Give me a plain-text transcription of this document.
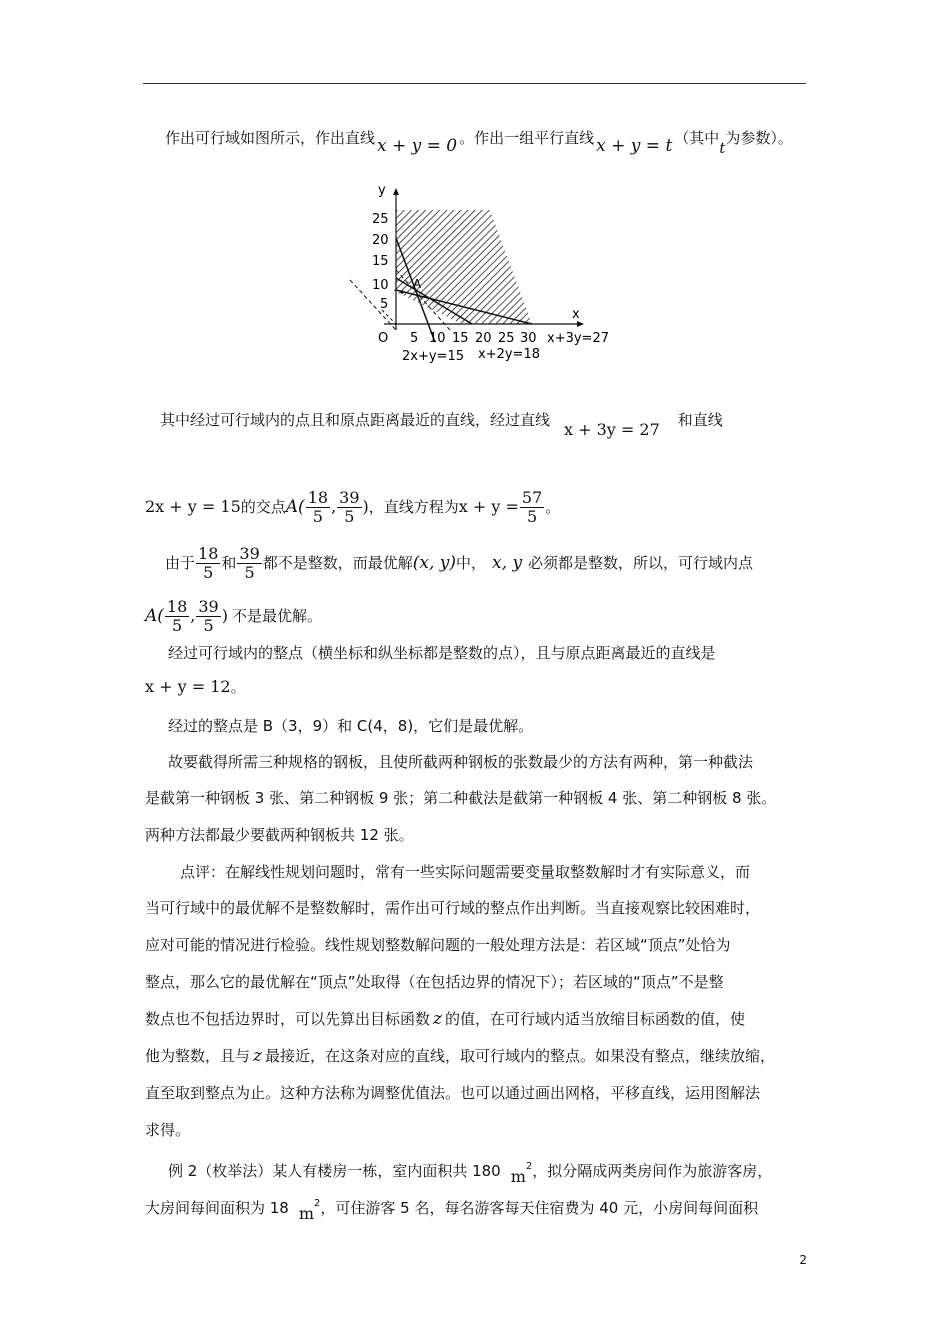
作出可行域如图所示，作出直线 x + y = 0 。作出一组平行直线 x + y = t （其中t为参数）。
y
x
O
A
25
20
15
10
5
5 10 15 20 25 30 x+3y=27
2x+y=15 x+2y=18
其中经过可行域内的点且和原点距离最近的直线，经过直线 x + 3y = 27 和直线
2x + y = 15的交点$A( \frac{18}{5}$ , $\frac{39}{5}$ )，直线方程为$x + y = \frac{57}{5}$ 。
由于 $\frac{18}{5}$ 和 $\frac{39}{5}$ 都不是整数，而最优解(x, y)中， x, y 必须都是整数，所以，可行域内点
$A( \frac{18}{5}$ , $\frac{39}{5}$ ) 不是最优解。
经过可行域内的整点（横坐标和纵坐标都是整数的点），且与原点距离最近的直线是
x + y = 12。
经过的整点是 B（3，9）和 C(4，8)，它们是最优解。
故要截得所需三种规格的钢板，且使所截两种钢板的张数最少的方法有两种，第一种截法
是截第一种钢板 3 张、第二种钢板 9 张；第二种截法是截第一种钢板 4 张、第二种钢板 8 张。
两种方法都最少要截两种钢板共 12 张。
点评：在解线性规划问题时，常有一些实际问题需要变量取整数解时才有实际意义，而
当可行域中的最优解不是整数解时，需作出可行域的整点作出判断。当直接观察比较困难时，
应对可能的情况进行检验。线性规划整数解问题的一般处理方法是：若区域“顶点”处恰为
整点，那么它的最优解在“顶点”处取得（在包括边界的情况下）；若区域的“顶点”不是整
数点也不包括边界时，可以先算出目标函数 z 的值，在可行域内适当放缩目标函数的值，使
他为整数，且与 z 最接近，在这条对应的直线，取可行域内的整点。如果没有整点，继续放缩，
直至取到整点为止。这种方法称为调整优值法。也可以通过画出网格，平移直线，运用图解法
求得。
例 2（枚举法）某人有楼房一栋，室内面积共 180 $m^2$，拟分隔成两类房间作为旅游客房，
大房间每间面积为 18 $m^2$，可住游客 5 名，每名游客每天住宿费为 40 元，小房间每间面积
2
